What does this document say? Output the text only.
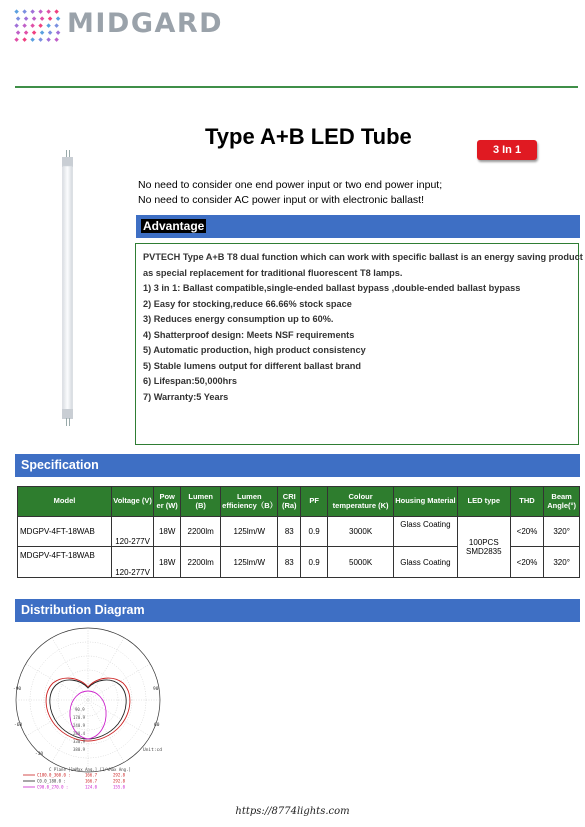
MIDGARD
Type A+B LED Tube
3 In 1
No need to consider one end power input or two end power input;
No need to consider AC power input or with electronic ballast!
Advantage
PVTECH Type A+B T8 dual function which can work with specific ballast is an energy saving product
as special replacement for traditional fluorescent T8 lamps.
1) 3 in 1: Ballast compatible,single-ended ballast bypass ,double-ended ballast bypass
2) Easy for stocking,reduce 66.66% stock space
3) Reduces energy consumption up to 60%.
4) Shatterproof design: Meets NSF requirements
5) Automatic production, high product consistency
5) Stable lumens output for different ballast brand
6) Lifespan:50,000hrs
7) Warranty:5 Years
Specification
Model	Voltage (V)	Pow er (W)	Lumen (B)	Lumen efficiency（B）	CRI (Ra)	PF	Colour temperature (K)	Housing Material	LED type	THD	Beam Angle(°)
MDGPV-4FT-18WAB	120-277V	18W	2200lm	125lm/W	83	0.9	3000K	Glass Coating	100PCS SMD2835	<20%	320°
MDGPV-4FT-18WAB	120-277V	18W	2200lm	125lm/W	83	0.9	5000K	Glass Coating		<20%	320°
Distribution Diagram
-90	90
-60	60
-30
90.9
170.9
240.9
280.4
330.9
380.9	Unit:cd
C Plane [1%Max Ang.] [1/%Max Ang.]
C180.0_360.0 :	166.7	292.8
C0.0_180.0 :	166.7	292.8
C90.0_270.0 :	124.0	155.0
https://8774lights.com
